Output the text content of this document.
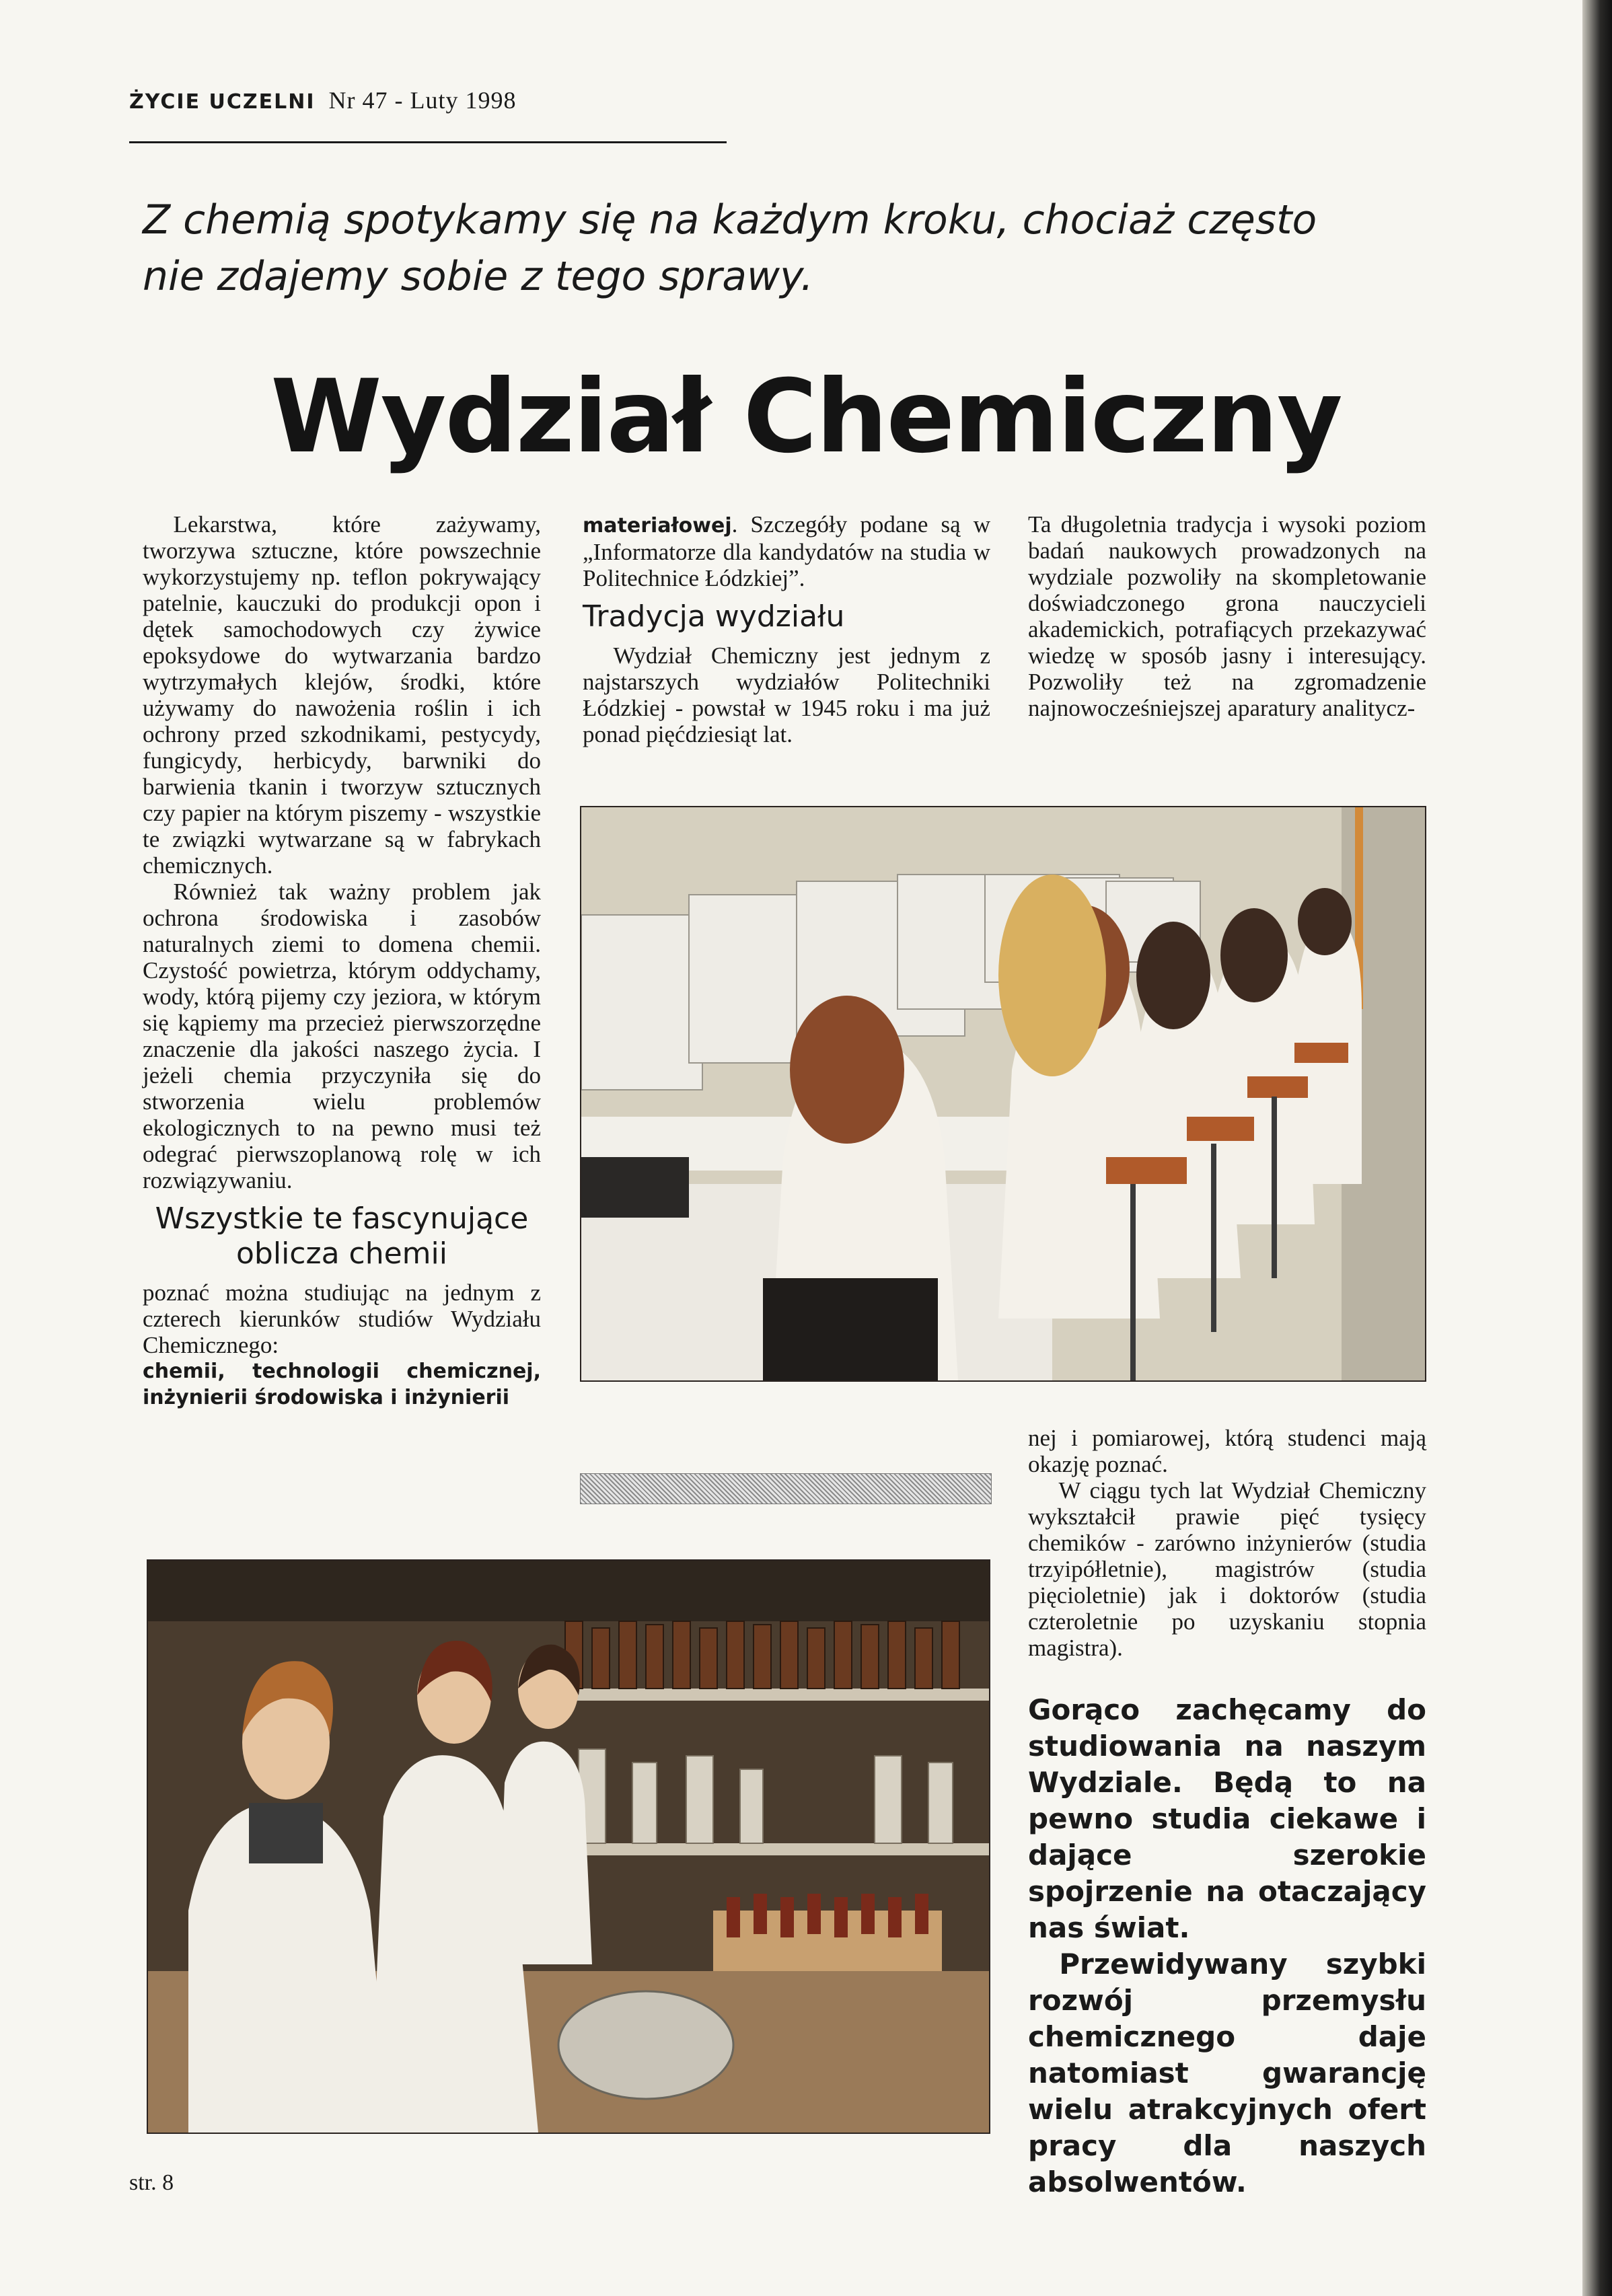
ŻYCIE UCZELNI Nr 47 - Luty 1998
Z chemią spotykamy się na każdym kroku, chociaż często nie zdajemy sobie z tego sprawy.
Wydział Chemiczny

Lekarstwa, które zażywamy, tworzywa sztuczne, które powszechnie wykorzystujemy np. teflon pokrywający patelnie, kauczuki do produkcji opon i dętek samochodowych czy żywice epoksydowe do wytwarzania bardzo wytrzymałych klejów, środki, które używamy do nawożenia roślin i ich ochrony przed szkodnikami, pestycydy, fungicydy, herbicydy, barwniki do barwienia tkanin i tworzyw sztucznych czy papier na którym piszemy - wszystkie te związki wytwarzane są w fabrykach chemicznych.

Również tak ważny problem jak ochrona środowiska i zasobów naturalnych ziemi to domena chemii. Czystość powietrza, którym oddychamy, wody, którą pijemy czy jeziora, w którym się kąpiemy ma przecież pierwszorzędne znaczenie dla jakości naszego życia. I jeżeli chemia przyczyniła się do stworzenia wielu problemów ekologicznych to na pewno musi też odegrać pierwszoplanową rolę w ich rozwiązywaniu.

Wszystkie te fascynujące oblicza chemii

poznać można studiując na jednym z czterech kierunków studiów Wydziału Chemicznego:

chemii, technologii chemicznej, inżynierii środowiska i inżynierii

materiałowej. Szczegóły podane są w „Informatorze dla kandydatów na studia w Politechnice Łódzkiej”.

Tradycja wydziału

Wydział Chemiczny jest jednym z najstarszych wydziałów Politechniki Łódzkiej - powstał w 1945 roku i ma już ponad pięćdziesiąt lat.

Ta długoletnia tradycja i wysoki poziom badań naukowych prowadzonych na wydziale pozwoliły na skompletowanie doświadczonego grona nauczycieli akademickich, potrafiących przekazywać wiedzę w sposób jasny i interesujący. Pozwoliły też na zgromadzenie najnowocześniejszej aparatury analitycz-

nej i pomiarowej, którą studenci mają okazję poznać.

W ciągu tych lat Wydział Chemiczny wykształcił prawie pięć tysięcy chemików - zarówno inżynierów (studia trzyipółletnie), magistrów (studia pięcioletnie) jak i doktorów (studia czteroletnie po uzyskaniu stopnia magistra).

Gorąco zachęcamy do studiowania na naszym Wydziale. Będą to na pewno studia ciekawe i dające szerokie spojrzenie na otaczający nas świat.

Przewidywany szybki rozwój przemysłu chemicznego daje natomiast gwarancję wielu atrakcyjnych ofert pracy dla naszych absolwentów.

str. 8
